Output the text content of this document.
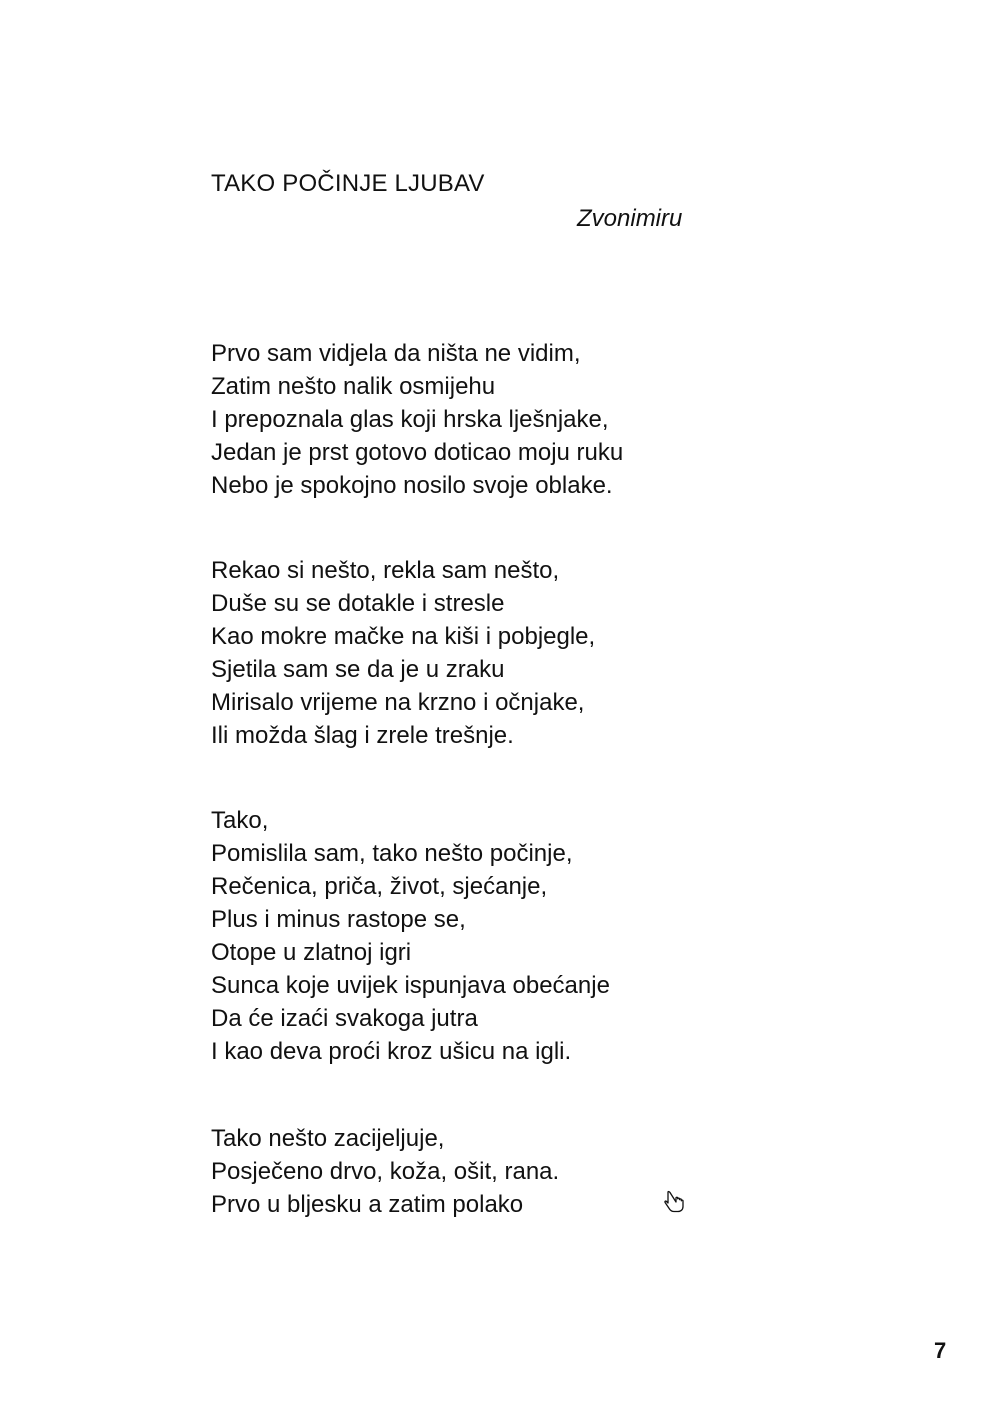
TAKO POČINJE LJUBAV
Zvonimiru
Prvo sam vidjela da ništa ne vidim,
Zatim nešto nalik osmijehu
I prepoznala glas koji hrska lješnjake,
Jedan je prst gotovo doticao moju ruku
Nebo je spokojno nosilo svoje oblake.
Rekao si nešto, rekla sam nešto,
Duše su se dotakle i stresle
Kao mokre mačke na kiši i pobjegle,
Sjetila sam se da je u zraku
Mirisalo vrijeme na krzno i očnjake,
Ili možda šlag i zrele trešnje.
Tako,
Pomislila sam, tako nešto počinje,
Rečenica, priča, život, sjećanje,
Plus i minus rastope se,
Otope u zlatnoj igri
Sunca koje uvijek ispunjava obećanje
Da će izaći svakoga jutra
I kao deva proći kroz ušicu na igli.
Tako nešto zacijeljuje,
Posječeno drvo, koža, ošit, rana.
Prvo u bljesku a zatim polako
7
